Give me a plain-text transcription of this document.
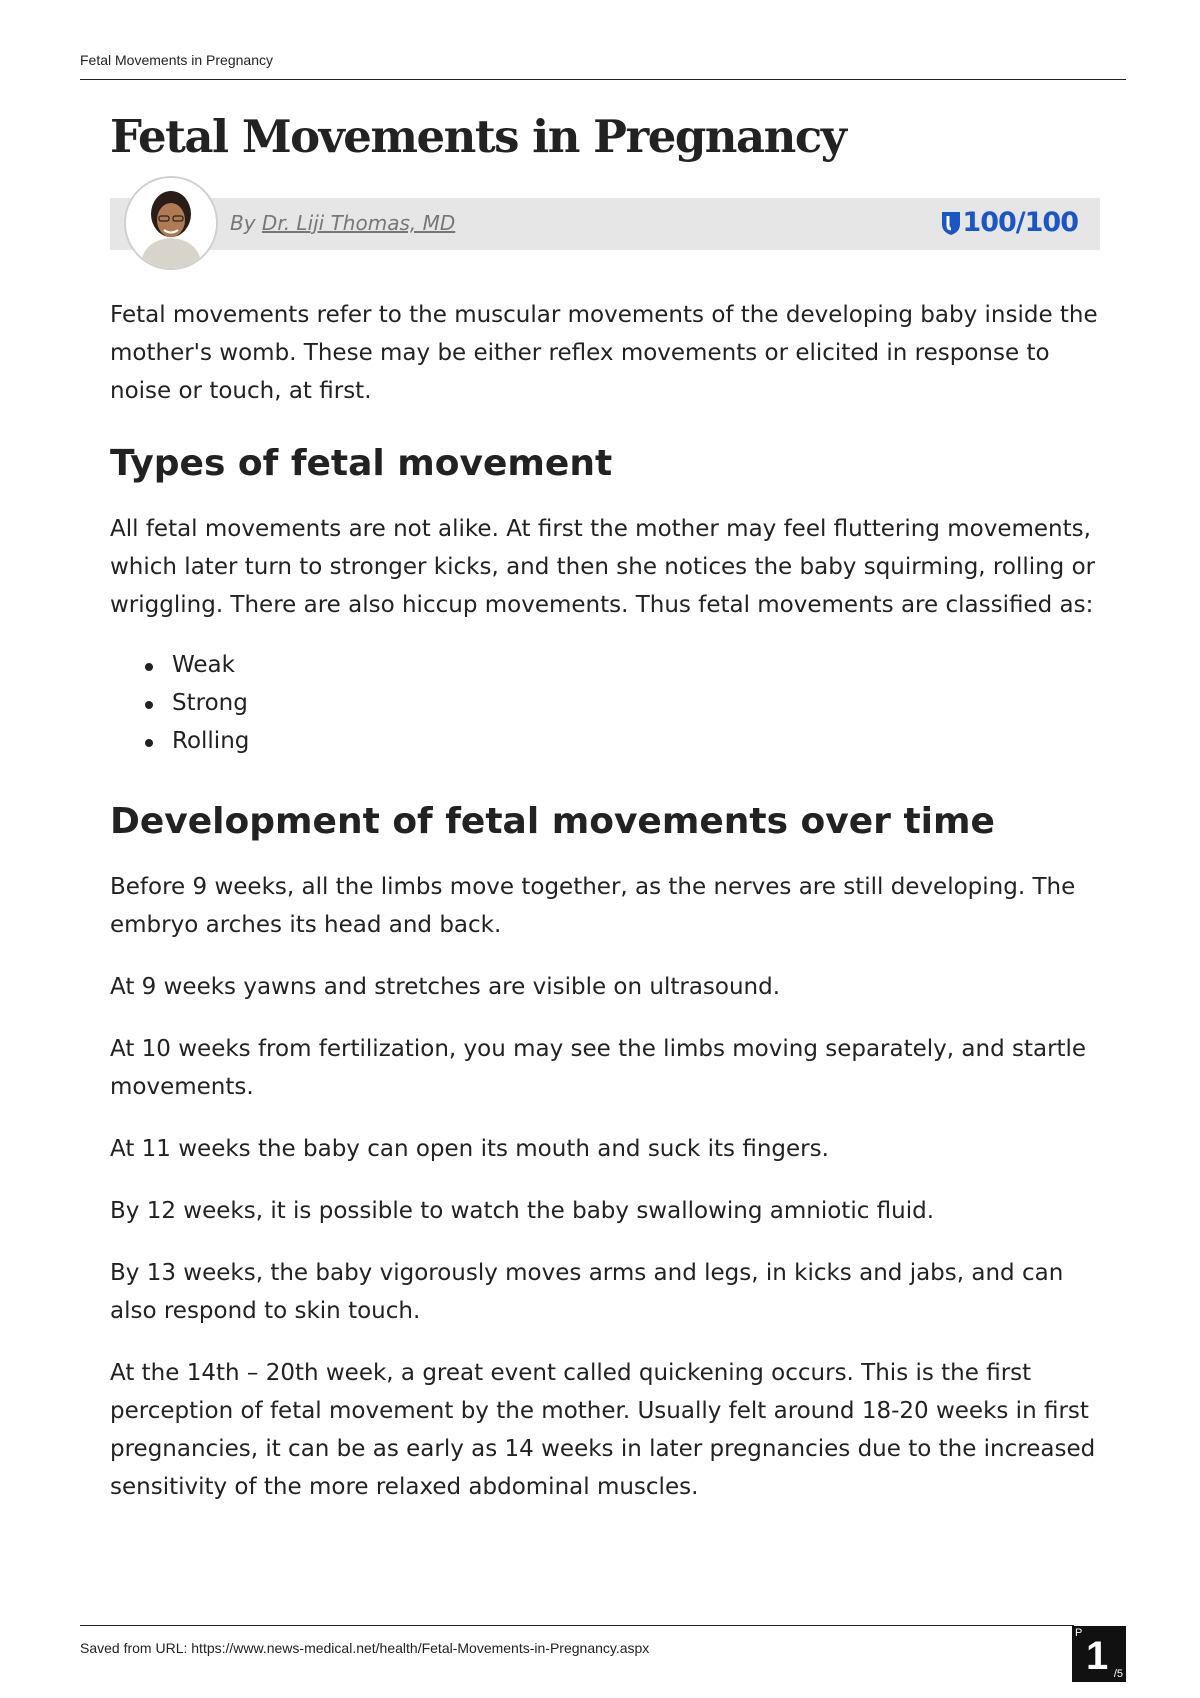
Fetal Movements in Pregnancy
Fetal Movements in Pregnancy
By Dr. Liji Thomas, MD	100/100

Fetal movements refer to the muscular movements of the developing baby inside the mother's womb. These may be either reflex movements or elicited in response to noise or touch, at first.

Types of fetal movement

All fetal movements are not alike. At first the mother may feel fluttering movements, which later turn to stronger kicks, and then she notices the baby squirming, rolling or wriggling. There are also hiccup movements. Thus fetal movements are classified as:

Weak
Strong
Rolling
Development of fetal movements over time

Before 9 weeks, all the limbs move together, as the nerves are still developing. The embryo arches its head and back.

At 9 weeks yawns and stretches are visible on ultrasound.

At 10 weeks from fertilization, you may see the limbs moving separately, and startle movements.

At 11 weeks the baby can open its mouth and suck its fingers.

By 12 weeks, it is possible to watch the baby swallowing amniotic fluid.

By 13 weeks, the baby vigorously moves arms and legs, in kicks and jabs, and can also respond to skin touch.

At the 14th – 20th week, a great event called quickening occurs. This is the first perception of fetal movement by the mother. Usually felt around 18-20 weeks in first pregnancies, it can be as early as 14 weeks in later pregnancies due to the increased sensitivity of the more relaxed abdominal muscles.

Saved from URL: https://www.news-medical.net/health/Fetal-Movements-in-Pregnancy.aspx
P
1 /5
